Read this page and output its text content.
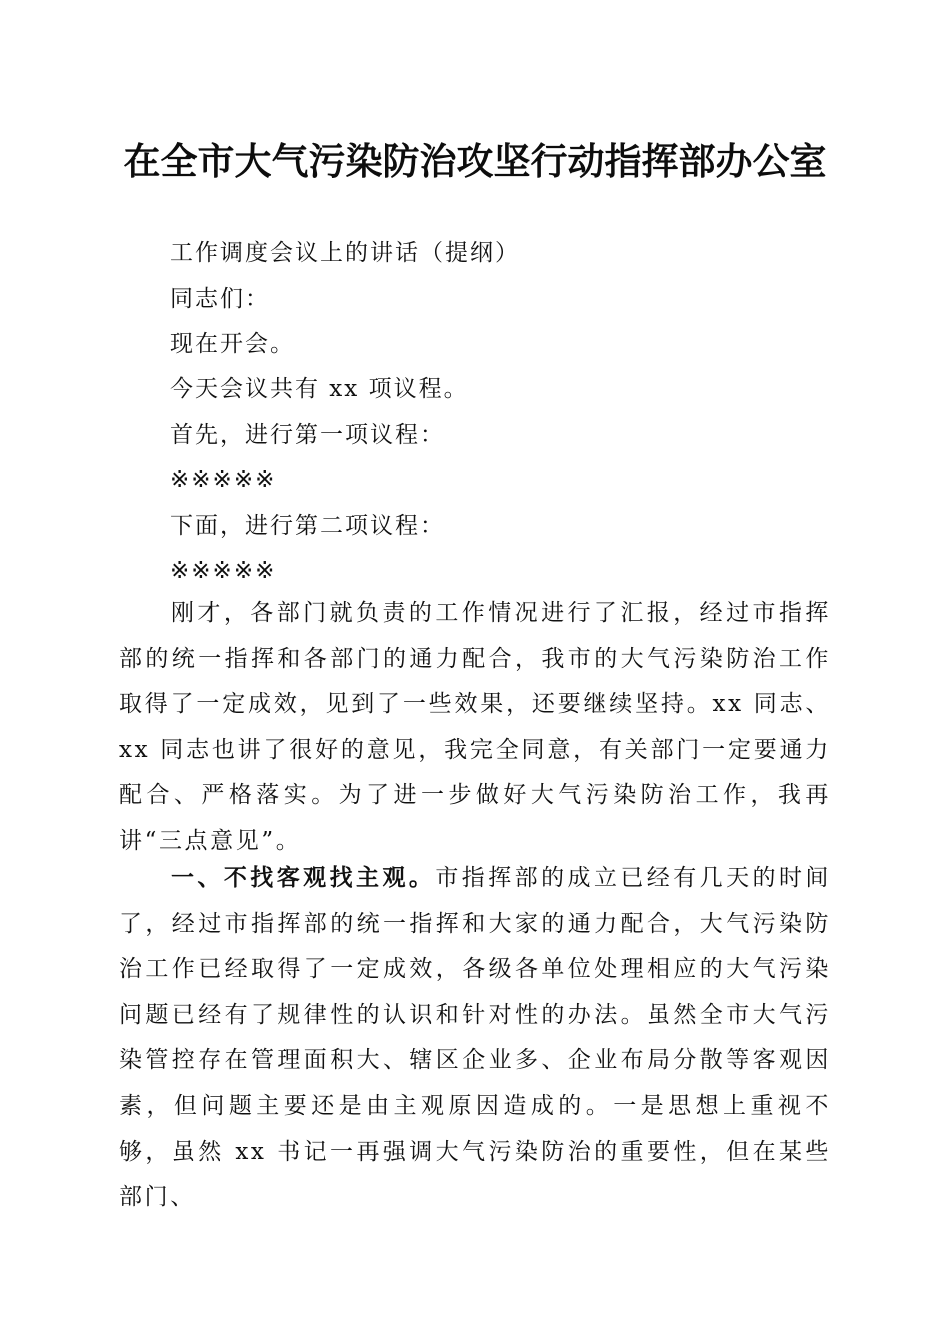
在全市大气污染防治攻坚行动指挥部办公室
工作调度会议上的讲话（提纲）
同志们：
现在开会。
今天会议共有 xx 项议程。
首先，进行第一项议程：
※※※※※
下面，进行第二项议程：
※※※※※

刚才，各部门就负责的工作情况进行了汇报，经过市指挥部的统一指挥和各部门的通力配合，我市的大气污染防治工作取得了一定成效，见到了一些效果，还要继续坚持。xx 同志、xx 同志也讲了很好的意见，我完全同意，有关部门一定要通力配合、严格落实。为了进一步做好大气污染防治工作，我再讲“三点意见”。

一、不找客观找主观。市指挥部的成立已经有几天的时间了，经过市指挥部的统一指挥和大家的通力配合，大气污染防治工作已经取得了一定成效，各级各单位处理相应的大气污染问题已经有了规律性的认识和针对性的办法。虽然全市大气污染管控存在管理面积大、辖区企业多、企业布局分散等客观因素，但问题主要还是由主观原因造成的。一是思想上重视不够，虽然 xx 书记一再强调大气污染防治的重要性，但在某些部门、
